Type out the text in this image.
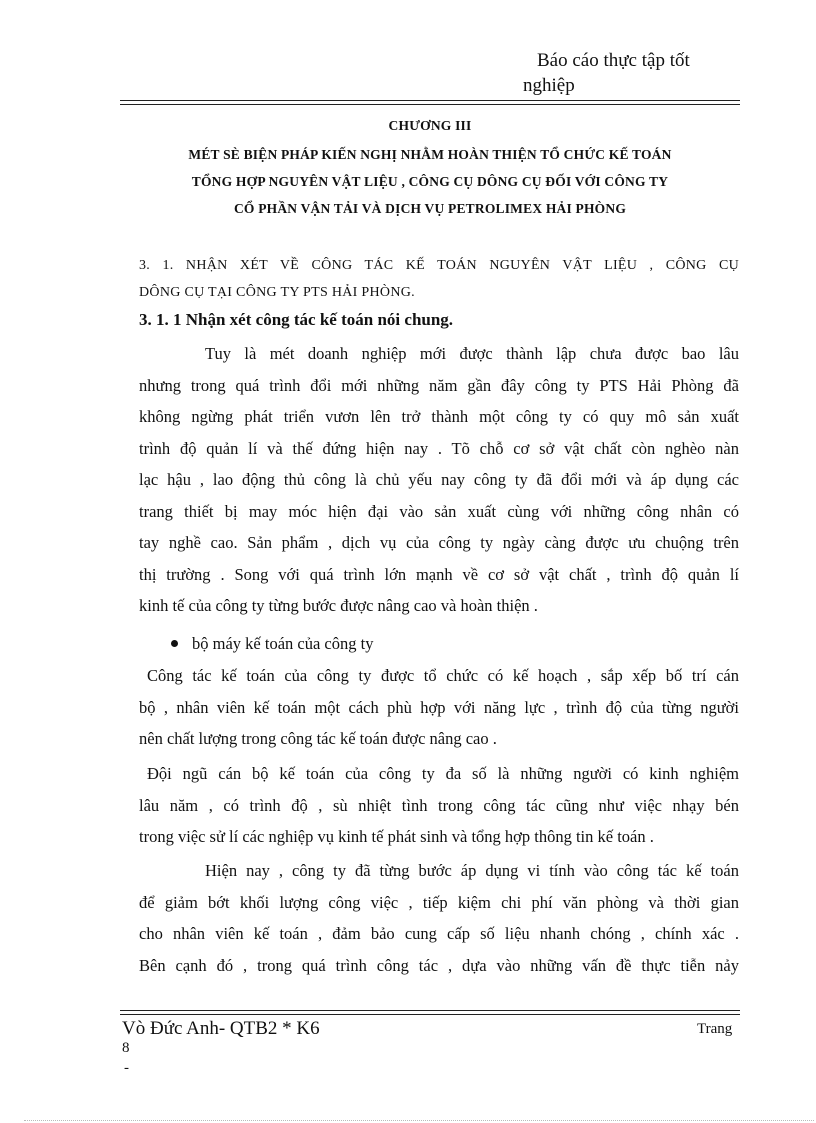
Báo cáo thực tập tốt
nghiệp
CHƯƠNG III
MÉT SÈ BIỆN PHÁP KIẾN NGHỊ NHẰM HOÀN THIỆN TỔ CHỨC KẾ TOÁN
TỔNG HỢP NGUYÊN VẬT LIỆU , CÔNG CỤ DÔNG CỤ ĐỐI VỚI CÔNG TY
CỔ PHẦN VẬN TẢI VÀ DỊCH VỤ PETROLIMEX HẢI PHÒNG
3. 1. NHẬN XÉT VỀ CÔNG TÁC KẾ TOÁN NGUYÊN VẬT LIỆU , CÔNG CỤ
DÔNG CỤ TẠI CÔNG TY PTS HẢI PHÒNG.
3. 1. 1 Nhận xét công tác kế toán nói chung.
Tuy là mét doanh nghiệp mới được thành lập chưa được bao lâu
nhưng trong quá trình đổi mới những năm gần đây công ty PTS Hải Phòng đã
không ngừng phát triển vươn lên trở thành một công ty có quy mô sản xuất
trình độ quản lí và thế đứng hiện nay . Tõ chỗ cơ sở vật chất còn nghèo nàn
lạc hậu , lao động thủ công là chủ yếu nay công ty đã đổi mới và áp dụng các
trang thiết bị may móc hiện đại vào sản xuất cùng với những công nhân có
tay nghề cao. Sản phẩm , dịch vụ của công ty ngày càng được ưu chuộng trên
thị trường . Song với quá trình lớn mạnh về cơ sở vật chất , trình độ quản lí
kinh tế của công ty từng bước được nâng cao và hoàn thiện .
bộ máy kế toán của công ty
Công tác kế toán của công ty được tổ chức có kế hoạch , sắp xếp bố trí cán
bộ , nhân viên kế toán một cách phù hợp với năng lực , trình độ của từng người
nên chất lượng trong công tác kế toán được nâng cao .
Đội ngũ cán bộ kế toán của công ty đa số là những người có kinh nghiệm
lâu năm , có trình độ , sù nhiệt tình trong công tác cũng như việc nhạy bén
trong việc sử lí các nghiệp vụ kinh tế phát sinh và tổng hợp thông tin kế toán .
Hiện nay , công ty đã từng bước áp dụng vi tính vào công tác kế toán
để giảm bớt khối lượng công việc , tiếp kiệm chi phí văn phòng và thời gian
cho nhân viên kế toán , đảm bảo cung cấp số liệu nhanh chóng , chính xác .
Bên cạnh đó , trong quá trình công tác , dựa vào những vấn đề thực tiễn nảy
Vò Đức Anh- QTB2 * K6	Trang
8
-
